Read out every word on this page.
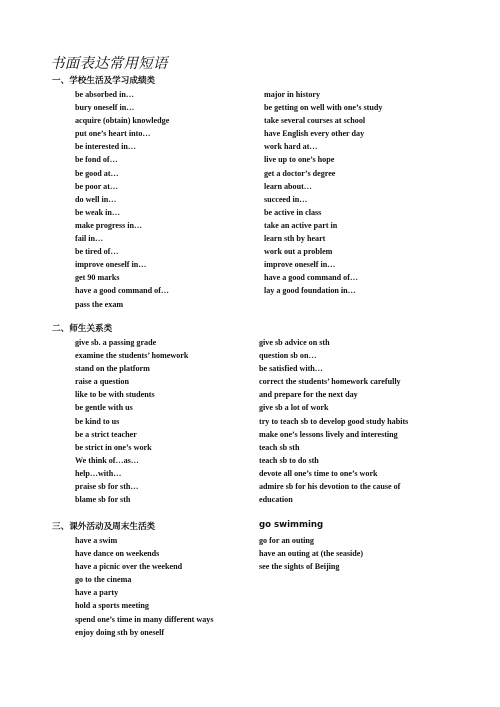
书面表达常用短语
一、学校生活及学习成绩类
be absorbed in…
bury oneself in…
acquire (obtain) knowledge
put one’s heart into…
be interested in…
be fond of…
be good at…
be poor at…
do well in…
be weak in…
make progress in…
fail in…
be tired of…
improve oneself in…
get 90 marks
have a good command of…
pass the exam
major in history
be getting on well with one’s study
take several courses at school
have English every other day
work hard at…
live up to one’s hope
get a doctor’s degree
learn about…
succeed in…
be active in class
take an active part in
learn sth by heart
work out a problem
improve oneself in…
have a good command of…
lay a good foundation in…
二、师生关系类
give sb. a passing grade
examine the students’ homework
stand on the platform
raise a question
like to be with students
be gentle with us
be kind to us
be a strict teacher
be strict in one’s work
We think of…as…
help…with…
praise sb for sth…
blame sb for sth
give sb advice on sth
question sb on…
be satisfied with…
correct the students’ homework carefully
and prepare for the next day
give sb a lot of work
try to teach sb to develop good study habits
make one’s lessons lively and interesting
teach sb sth
teach sb to do sth
devote all one’s time to one’s work
admire sb for his devotion to the cause of
education
三、课外活动及周末生活类	go swimming
have a swim
have dance on weekends
have a picnic over the weekend
go to the cinema
have a party
hold a sports meeting
spend one’s time in many different ways
enjoy doing sth by oneself
go for an outing
have an outing at (the seaside)
see the sights of Beijing
